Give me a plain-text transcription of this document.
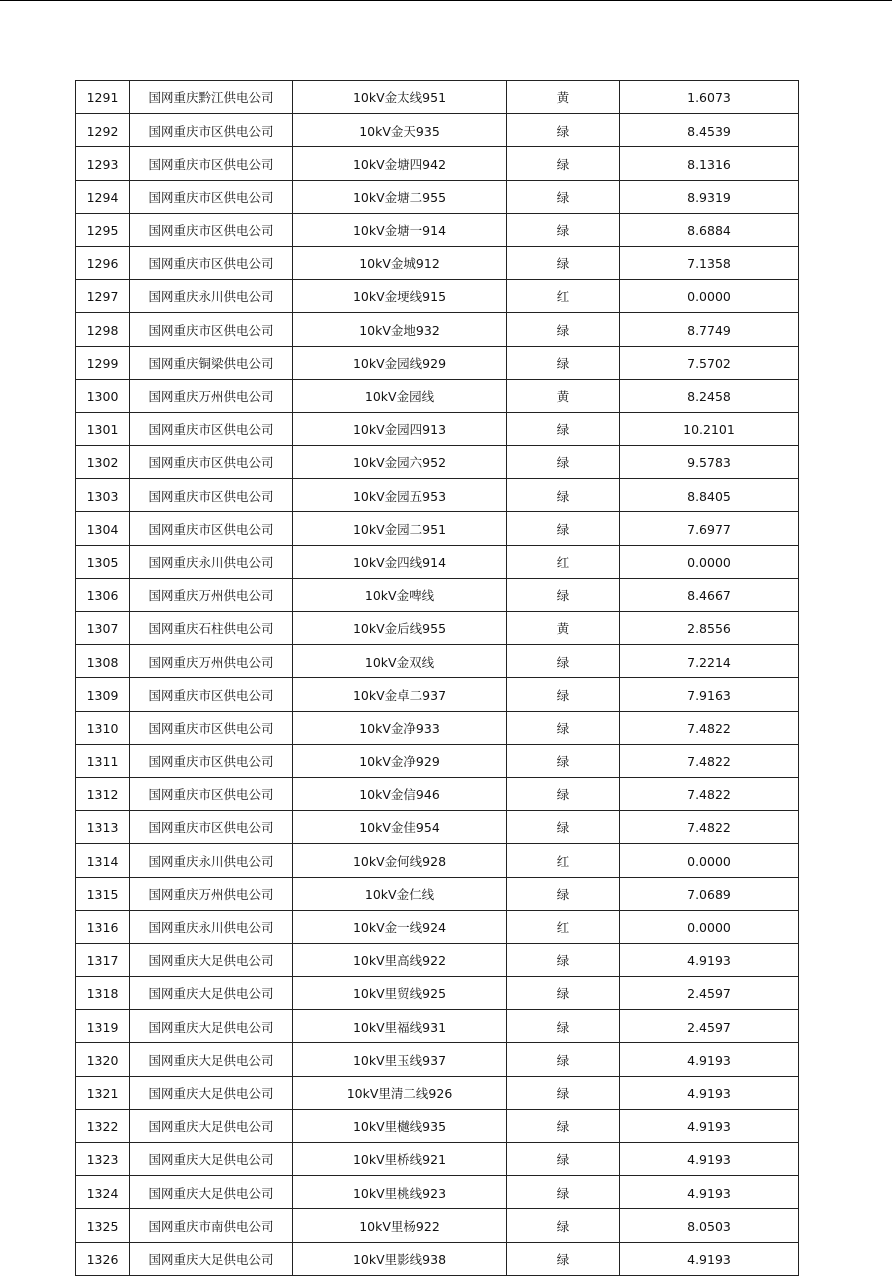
1291	国网重庆黔江供电公司	10kV金太线951	黄	1.6073
1292	国网重庆市区供电公司	10kV金天935	绿	8.4539
1293	国网重庆市区供电公司	10kV金塘四942	绿	8.1316
1294	国网重庆市区供电公司	10kV金塘二955	绿	8.9319
1295	国网重庆市区供电公司	10kV金塘一914	绿	8.6884
1296	国网重庆市区供电公司	10kV金城912	绿	7.1358
1297	国网重庆永川供电公司	10kV金埂线915	红	0.0000
1298	国网重庆市区供电公司	10kV金地932	绿	8.7749
1299	国网重庆铜梁供电公司	10kV金园线929	绿	7.5702
1300	国网重庆万州供电公司	10kV金园线	黄	8.2458
1301	国网重庆市区供电公司	10kV金园四913	绿	10.2101
1302	国网重庆市区供电公司	10kV金园六952	绿	9.5783
1303	国网重庆市区供电公司	10kV金园五953	绿	8.8405
1304	国网重庆市区供电公司	10kV金园二951	绿	7.6977
1305	国网重庆永川供电公司	10kV金四线914	红	0.0000
1306	国网重庆万州供电公司	10kV金啤线	绿	8.4667
1307	国网重庆石柱供电公司	10kV金后线955	黄	2.8556
1308	国网重庆万州供电公司	10kV金双线	绿	7.2214
1309	国网重庆市区供电公司	10kV金卓二937	绿	7.9163
1310	国网重庆市区供电公司	10kV金净933	绿	7.4822
1311	国网重庆市区供电公司	10kV金净929	绿	7.4822
1312	国网重庆市区供电公司	10kV金信946	绿	7.4822
1313	国网重庆市区供电公司	10kV金佳954	绿	7.4822
1314	国网重庆永川供电公司	10kV金何线928	红	0.0000
1315	国网重庆万州供电公司	10kV金仁线	绿	7.0689
1316	国网重庆永川供电公司	10kV金一线924	红	0.0000
1317	国网重庆大足供电公司	10kV里高线922	绿	4.9193
1318	国网重庆大足供电公司	10kV里贸线925	绿	2.4597
1319	国网重庆大足供电公司	10kV里福线931	绿	2.4597
1320	国网重庆大足供电公司	10kV里玉线937	绿	4.9193
1321	国网重庆大足供电公司	10kV里清二线926	绿	4.9193
1322	国网重庆大足供电公司	10kV里樾线935	绿	4.9193
1323	国网重庆大足供电公司	10kV里桥线921	绿	4.9193
1324	国网重庆大足供电公司	10kV里桃线923	绿	4.9193
1325	国网重庆市南供电公司	10kV里杨922	绿	8.0503
1326	国网重庆大足供电公司	10kV里影线938	绿	4.9193
